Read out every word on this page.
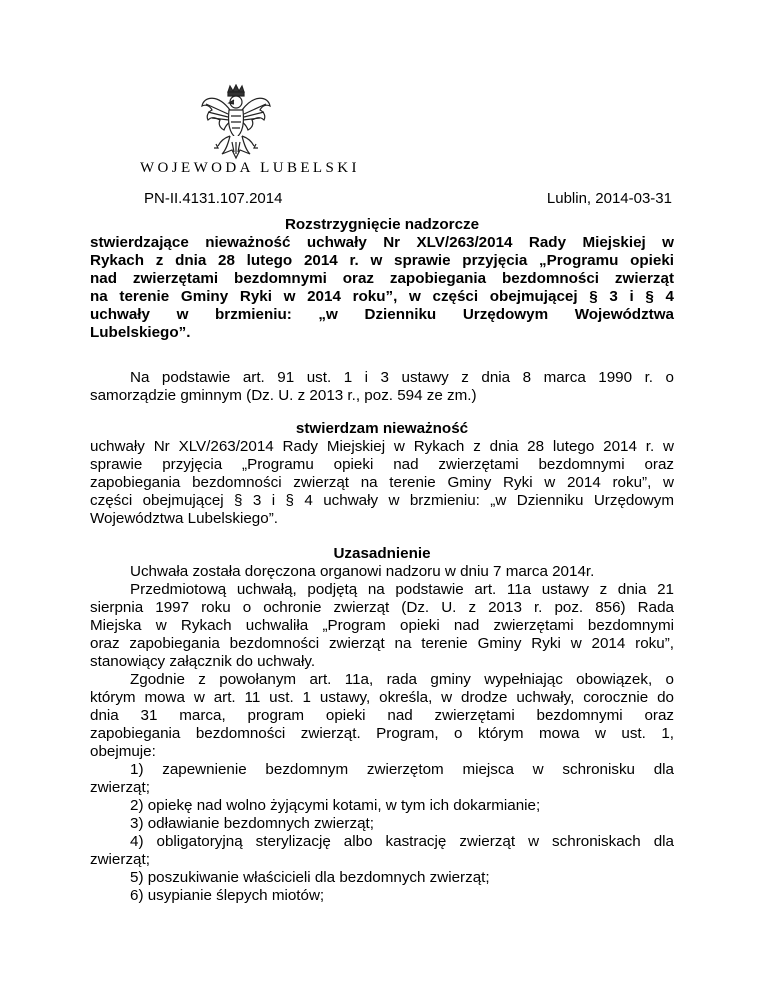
WOJEWODA LUBELSKI
PN-II.4131.107.2014	Lublin, 2014-03-31

Rozstrzygnięcie nadzorcze

stwierdzające nieważność uchwały Nr XLV/263/2014 Rady Miejskiej w

Rykach z dnia 28 lutego 2014 r. w sprawie przyjęcia „Programu opieki

nad zwierzętami bezdomnymi oraz zapobiegania bezdomności zwierząt

na terenie Gminy Ryki w 2014 roku”, w części obejmującej § 3 i § 4

uchwały w brzmieniu: „w Dzienniku Urzędowym Województwa

Lubelskiego”.

Na podstawie art. 91 ust. 1 i 3 ustawy z dnia 8 marca 1990 r. o

samorządzie gminnym (Dz. U. z 2013 r., poz. 594 ze zm.)

stwierdzam nieważność

uchwały Nr XLV/263/2014 Rady Miejskiej w Rykach z dnia 28 lutego 2014 r. w

sprawie przyjęcia „Programu opieki nad zwierzętami bezdomnymi oraz

zapobiegania bezdomności zwierząt na terenie Gminy Ryki w 2014 roku”, w

części obejmującej § 3 i § 4 uchwały w brzmieniu: „w Dzienniku Urzędowym

Województwa Lubelskiego”.

Uzasadnienie

Uchwała została doręczona organowi nadzoru w dniu 7 marca 2014r.

Przedmiotową uchwałą, podjętą na podstawie art. 11a ustawy z dnia 21

sierpnia 1997 roku o ochronie zwierząt (Dz. U. z 2013 r. poz. 856) Rada

Miejska w Rykach uchwaliła „Program opieki nad zwierzętami bezdomnymi

oraz zapobiegania bezdomności zwierząt na terenie Gminy Ryki w 2014 roku”,

stanowiący załącznik do uchwały.

Zgodnie z powołanym art. 11a, rada gminy wypełniając obowiązek, o

którym mowa w art. 11 ust. 1 ustawy, określa, w drodze uchwały, corocznie do

dnia 31 marca, program opieki nad zwierzętami bezdomnymi oraz

zapobiegania bezdomności zwierząt. Program, o którym mowa w ust. 1,

obejmuje:

1) zapewnienie bezdomnym zwierzętom miejsca w schronisku dla

zwierząt;

2) opiekę nad wolno żyjącymi kotami, w tym ich dokarmianie;

3) odławianie bezdomnych zwierząt;

4) obligatoryjną sterylizację albo kastrację zwierząt w schroniskach dla

zwierząt;

5) poszukiwanie właścicieli dla bezdomnych zwierząt;

6) usypianie ślepych miotów;
